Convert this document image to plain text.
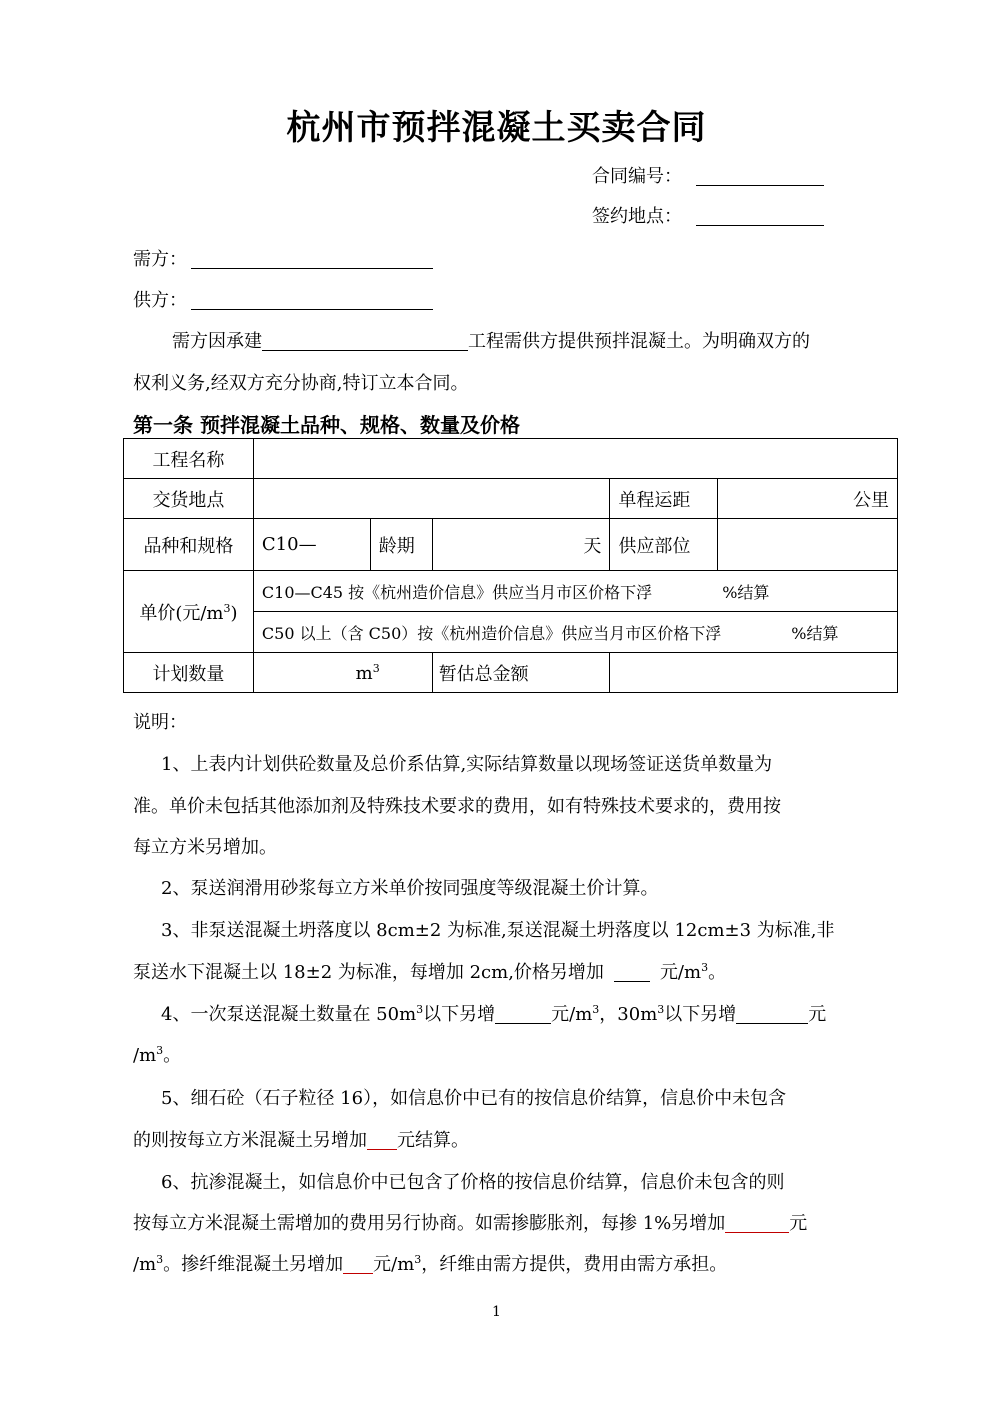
杭州市预拌混凝土买卖合同
合同编号：
签约地点：
需方：
供方：
需方因承建	工程需供方提供预拌混凝土。为明确双方的
权利义务,经双方充分协商,特订立本合同。
第一条 预拌混凝土品种、规格、数量及价格
工程名称					
交货地点				单程运距	公里
品种和规格	C10—	龄期	天	供应部位	
单价(元$/m^3$)	C10—C45 按《杭州造价信息》供应当月市区价格下浮 %结算				
	C50 以上（含 C50）按《杭州造价信息》供应当月市区价格下浮 %结算				
计划数量	$m^3$		暂估总金额		
说明：
1、上表内计划供砼数量及总价系估算,实际结算数量以现场签证送货单数量为
准。单价未包括其他添加剂及特殊技术要求的费用，如有特殊技术要求的，费用按
每立方米另增加。
2、泵送润滑用砂浆每立方米单价按同强度等级混凝土价计算。
3、非泵送混凝土坍落度以 8cm±2 为标准,泵送混凝土坍落度以 12cm±3 为标准,非
泵送水下混凝土以 18±2 为标准，每增加 2cm,价格另增加	元$/m^3$。
4、一次泵送混凝土数量在 $50m^3$以下另增	元$/m^3$，$30m^3$以下另增	元
$/m^3$。
5、细石砼（石子粒径 16），如信息价中已有的按信息价结算，信息价中未包含
的则按每立方米混凝土另增加 元结算。
6、抗渗混凝土，如信息价中已包含了价格的按信息价结算，信息价未包含的则
按每立方米混凝土需增加的费用另行协商。如需掺膨胀剂，每掺 1%另增加	元
$/m^3$。掺纤维混凝土另增加 元$/m^3$，纤维由需方提供，费用由需方承担。
1
